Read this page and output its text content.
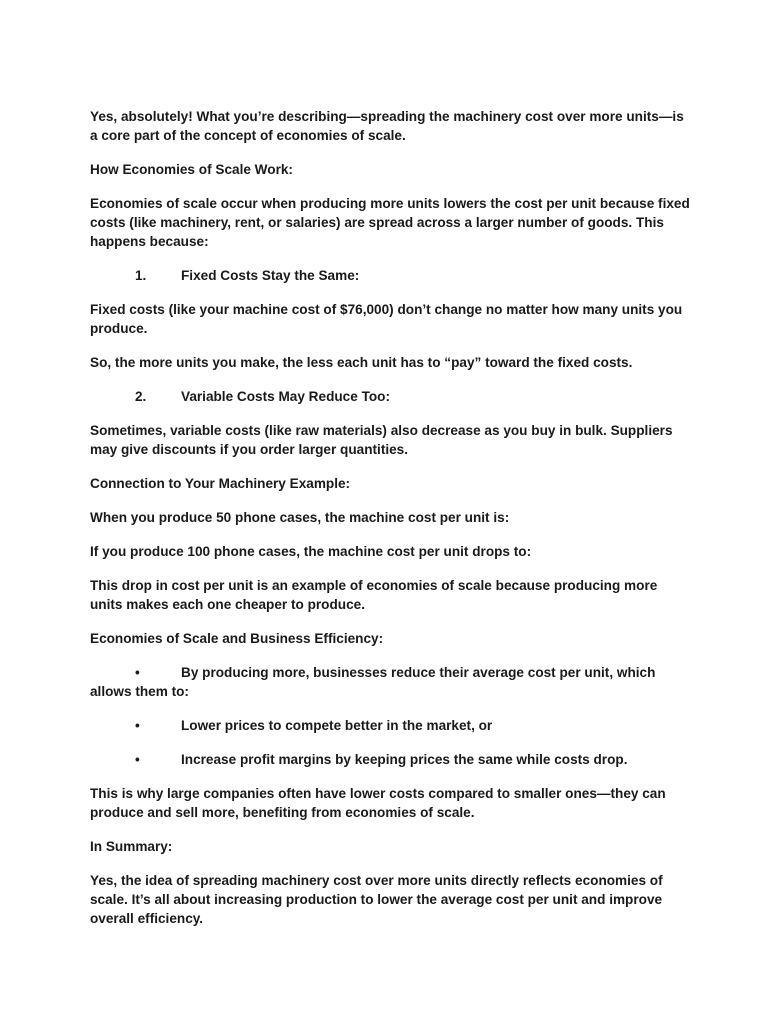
Yes, absolutely! What you’re describing—spreading the machinery cost over more units—is a core part of the concept of economies of scale.

How Economies of Scale Work:

Economies of scale occur when producing more units lowers the cost per unit because fixed costs (like machinery, rent, or salaries) are spread across a larger number of goods. This happens because:

1.	Fixed Costs Stay the Same:

Fixed costs (like your machine cost of $76,000) don’t change no matter how many units you produce.

So, the more units you make, the less each unit has to “pay” toward the fixed costs.

2.	Variable Costs May Reduce Too:

Sometimes, variable costs (like raw materials) also decrease as you buy in bulk. Suppliers may give discounts if you order larger quantities.

Connection to Your Machinery Example:

When you produce 50 phone cases, the machine cost per unit is:

If you produce 100 phone cases, the machine cost per unit drops to:

This drop in cost per unit is an example of economies of scale because producing more units makes each one cheaper to produce.

Economies of Scale and Business Efficiency:

•	By producing more, businesses reduce their average cost per unit, which allows them to:
•	Lower prices to compete better in the market, or
•	Increase profit margins by keeping prices the same while costs drop.

This is why large companies often have lower costs compared to smaller ones—they can produce and sell more, benefiting from economies of scale.

In Summary:

Yes, the idea of spreading machinery cost over more units directly reflects economies of scale. It’s all about increasing production to lower the average cost per unit and improve overall efficiency.
